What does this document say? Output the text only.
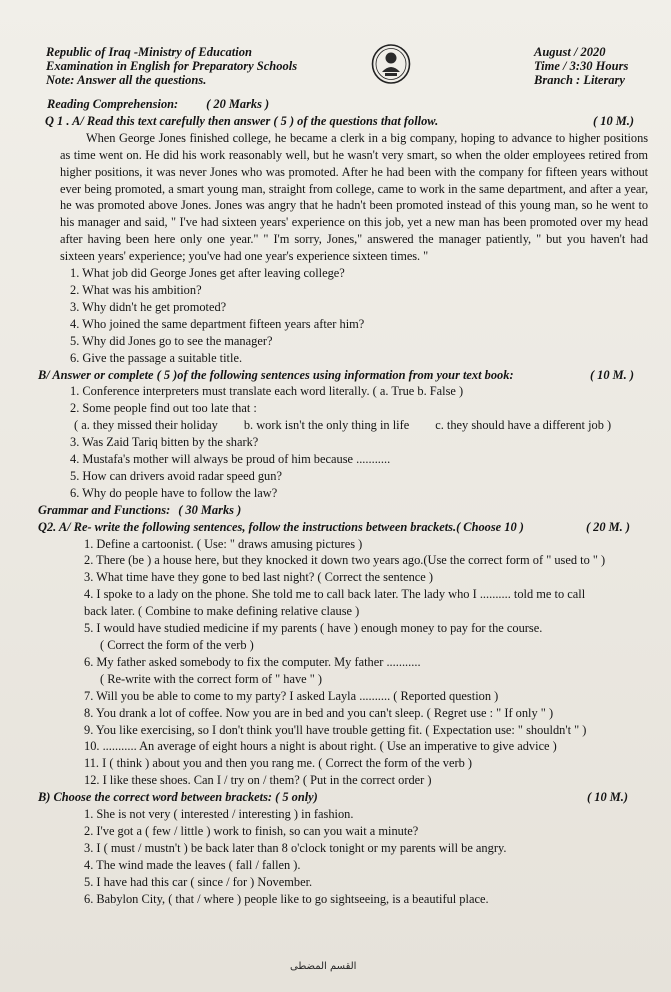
Republic of Iraq -Ministry of Education
Examination in English for Preparatory Schools
Note: Answer all the questions.
August / 2020
Time / 3:30 Hours
Branch : Literary
Reading Comprehension: ( 20 Marks )
Q 1 . A/ Read this text carefully then answer ( 5 ) of the questions that follow.	( 10 M.)
When George Jones finished college, he became a clerk in a big company, hoping to advance to higher positions as time went on. He did his work reasonably well, but he wasn't very smart, so when the older employees retired from higher positions, it was never Jones who was promoted. After he had been with the company for fifteen years without ever being promoted, a smart young man, straight from college, came to work in the same department, and after a year, he was promoted above Jones. Jones was angry that he hadn't been promoted instead of this young man, so he went to his manager and said, " I've had sixteen years' experience on this job, yet a new man has been promoted over my head after having been here only one year." " I'm sorry, Jones," answered the manager patiently, " but you haven't had sixteen years' experience; you've had one year's experience sixteen times. "
1. What job did George Jones get after leaving college?
2. What was his ambition?
3. Why didn't he get promoted?
4. Who joined the same department fifteen years after him?
5. Why did Jones go to see the manager?
6. Give the passage a suitable title.
B/ Answer or complete ( 5 )of the following sentences using information from your text book:	( 10 M. )
1. Conference interpreters must translate each word literally. ( a. True b. False )
2. Some people find out too late that :
( a. they missed their holiday b. work isn't the only thing in life c. they should have a different job )
3. Was Zaid Tariq bitten by the shark?
4. Mustafa's mother will always be proud of him because ...........
5. How can drivers avoid radar speed gun?
6. Why do people have to follow the law?
Grammar and Functions: ( 30 Marks )
Q2. A/ Re- write the following sentences, follow the instructions between brackets.( Choose 10 )	( 20 M. )
1. Define a cartoonist. ( Use: " draws amusing pictures )
2. There (be ) a house here, but they knocked it down two years ago.(Use the correct form of " used to " )
3. What time have they gone to bed last night? ( Correct the sentence )
4. I spoke to a lady on the phone. She told me to call back later. The lady who I .......... told me to call
back later. ( Combine to make defining relative clause )
5. I would have studied medicine if my parents ( have ) enough money to pay for the course.
( Correct the form of the verb )
6. My father asked somebody to fix the computer. My father ...........
( Re-write with the correct form of " have " )
7. Will you be able to come to my party? I asked Layla .......... ( Reported question )
8. You drank a lot of coffee. Now you are in bed and you can't sleep. ( Regret use : " If only " )
9. You like exercising, so I don't think you'll have trouble getting fit. ( Expectation use: " shouldn't " )
10. ........... An average of eight hours a night is about right. ( Use an imperative to give advice )
11. I ( think ) about you and then you rang me. ( Correct the form of the verb )
12. I like these shoes. Can I / try on / them? ( Put in the correct order )
B) Choose the correct word between brackets: ( 5 only)	( 10 M.)
1. She is not very ( interested / interesting ) in fashion.
2. I've got a ( few / little ) work to finish, so can you wait a minute?
3. I ( must / mustn't ) be back later than 8 o'clock tonight or my parents will be angry.
4. The wind made the leaves ( fall / fallen ).
5. I have had this car ( since / for ) November.
6. Babylon City, ( that / where ) people like to go sightseeing, is a beautiful place.
القسم المضطى
